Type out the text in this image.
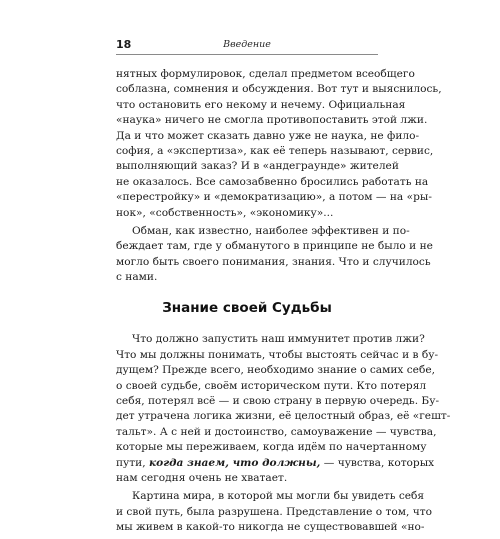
18	Введение
нятных формулировок, сделал предметом всеобщего
соблазна, сомнения и обсуждения. Вот тут и выяснилось,
что остановить его некому и нечему. Официальная
«наука» ничего не смогла противопоставить этой лжи.
Да и что может сказать давно уже не наука, не фило-
софия, а «экспертиза», как её теперь называют, сервис,
выполняющий заказ? И в «андеграунде» жителей
не оказалось. Все самозабвенно бросились работать на
«перестройку» и «демократизацию», а потом — на «ры-
нок», «собственность», «экономику»...
Обман, как известно, наиболее эффективен и по-
беждает там, где у обманутого в принципе не было и не
могло быть своего понимания, знания. Что и случилось
с нами.
Знание своей Судьбы
Что должно запустить наш иммунитет против лжи?
Что мы должны понимать, чтобы выстоять сейчас и в бу-
дущем? Прежде всего, необходимо знание о самих себе,
о своей судьбе, своём историческом пути. Кто потерял
себя, потерял всё — и свою страну в первую очередь. Бу-
дет утрачена логика жизни, её целостный образ, её «гешт-
тальт». А с ней и достоинство, самоуважение — чувства,
которые мы переживаем, когда идём по начертанному
пути, когда знаем, что должны, — чувства, которых
нам сегодня очень не хватает.
Картина мира, в которой мы могли бы увидеть себя
и свой путь, была разрушена. Представление о том, что
мы живем в какой-то никогда не существовавшей «но-
